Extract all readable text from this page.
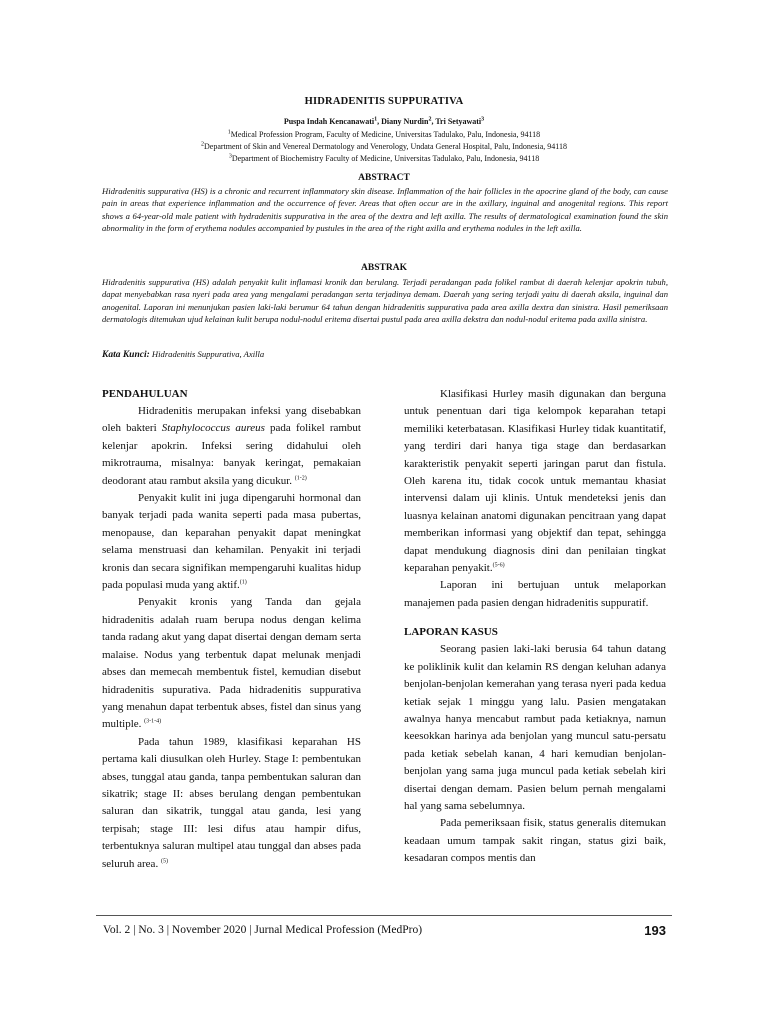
HIDRADENITIS SUPPURATIVA
Puspa Indah Kencanawati$^1$, Diany Nurdin$^2$, Tri Setyawati$^3$
$^1$Medical Profession Program, Faculty of Medicine, Universitas Tadulako, Palu, Indonesia, 94118
$^2$Department of Skin and Venereal Dermatology and Venerology, Undata General Hospital, Palu, Indonesia, 94118
$^3$Department of Biochemistry Faculty of Medicine, Universitas Tadulako, Palu, Indonesia, 94118
ABSTRACT
Hidradenitis suppurativa (HS) is a chronic and recurrent inflammatory skin disease. Inflammation of the hair follicles in the apocrine gland of the body, can cause pain in areas that experience inflammation and the occurrence of fever. Areas that often occur are in the axillary, inguinal and anogenital regions. This report shows a 64-year-old male patient with hydradenitis suppurativa in the area of the dextra and left axilla. The results of dermatological examination found the skin abnormality in the form of erythema nodules accompanied by pustules in the area of the right axilla and erythema nodules in the left axilla.
ABSTRAK
Hidradenitis suppurativa (HS) adalah penyakit kulit inflamasi kronik dan berulang. Terjadi peradangan pada folikel rambut di daerah kelenjar apokrin tubuh, dapat menyebabkan rasa nyeri pada area yang mengalami peradangan serta terjadinya demam. Daerah yang sering terjadi yaitu di daerah aksila, inguinal dan anogenital. Laporan ini menunjukan pasien laki-laki berumur 64 tahun dengan hidradenitis suppurativa pada area axilla dextra dan sinistra. Hasil pemeriksaan dermatologis ditemukan ujud kelainan kulit berupa nodul-nodul eritema disertai pustul pada area axilla dekstra dan nodul-nodul eritema pada axilla sinistra.
Kata Kunci: Hidradenitis Suppurativa, Axilla
PENDAHULUAN

Hidradenitis merupakan infeksi yang disebabkan oleh bakteri Staphylococcus aureus pada folikel rambut kelenjar apokrin. Infeksi sering didahului oleh mikrotrauma, misalnya: banyak keringat, pemakaian deodorant atau rambut aksila yang dicukur. $^{(1-2)}$

Penyakit kulit ini juga dipengaruhi hormonal dan banyak terjadi pada wanita seperti pada masa pubertas, menopause, dan keparahan penyakit dapat meningkat selama menstruasi dan kehamilan. Penyakit ini terjadi kronis dan secara signifikan mempengaruhi kualitas hidup pada populasi muda yang aktif.$^{(1)}$

Penyakit kronis yang Tanda dan gejala hidradenitis adalah ruam berupa nodus dengan kelima tanda radang akut yang dapat disertai dengan demam serta malaise. Nodus yang terbentuk dapat melunak menjadi abses dan memecah membentuk fistel, kemudian disebut hidradenitis supurativa. Pada hidradenitis suppurativa yang menahun dapat terbentuk abses, fistel dan sinus yang multiple. $^{(3-1-4)}$

Pada tahun 1989, klasifikasi keparahan HS pertama kali diusulkan oleh Hurley. Stage I: pembentukan abses, tunggal atau ganda, tanpa pembentukan saluran dan sikatrik; stage II: abses berulang dengan pembentukan saluran dan sikatrik, tunggal atau ganda, lesi yang terpisah; stage III: lesi difus atau hampir difus, terbentuknya saluran multipel atau tunggal dan abses pada seluruh area. $^{(5)}$

Klasifikasi Hurley masih digunakan dan berguna untuk penentuan dari tiga kelompok keparahan tetapi memiliki keterbatasan. Klasifikasi Hurley tidak kuantitatif, yang terdiri dari hanya tiga stage dan berdasarkan karakteristik penyakit seperti jaringan parut dan fistula. Oleh karena itu, tidak cocok untuk memantau khasiat intervensi dalam uji klinis. Untuk mendeteksi jenis dan luasnya kelainan anatomi digunakan pencitraan yang dapat memberikan informasi yang objektif dan tepat, sehingga dapat mendukung diagnosis dini dan penilaian tingkat keparahan penyakit.$^{(5-6)}$

Laporan ini bertujuan untuk melaporkan manajemen pada pasien dengan hidradenitis suppuratif.

LAPORAN KASUS

Seorang pasien laki-laki berusia 64 tahun datang ke poliklinik kulit dan kelamin RS dengan keluhan adanya benjolan-benjolan kemerahan yang terasa nyeri pada kedua ketiak sejak 1 minggu yang lalu. Pasien mengatakan awalnya hanya mencabut rambut pada ketiaknya, namun keesokkan harinya ada benjolan yang muncul satu-persatu pada ketiak sebelah kanan, 4 hari kemudian benjolan-benjolan yang sama juga muncul pada ketiak sebelah kiri disertai dengan demam. Pasien belum pernah mengalami hal yang sama sebelumnya.

Pada pemeriksaan fisik, status generalis ditemukan keadaan umum tampak sakit ringan, status gizi baik, kesadaran compos mentis dan

Vol. 2 | No. 3 | November 2020 | Jurnal Medical Profession (MedPro)	193
